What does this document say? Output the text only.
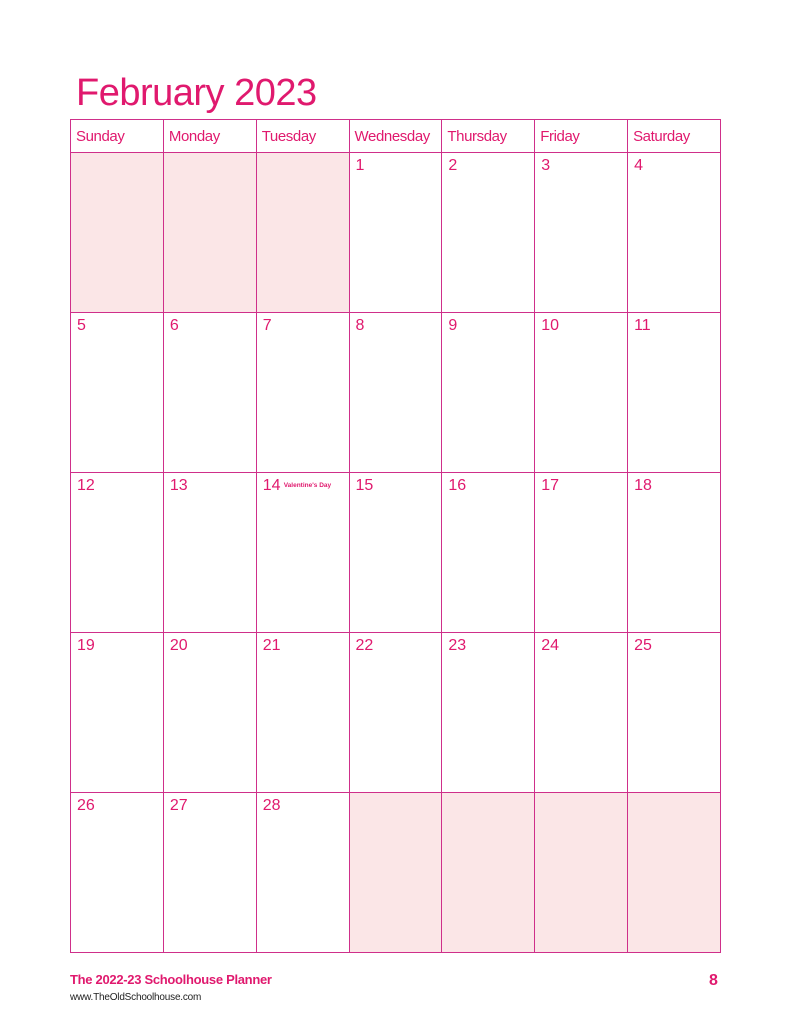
February 2023
Sunday	Monday	Tuesday	Wednesday	Thursday	Friday	Saturday

			1	2	3	4

5	6	7	8	9	10	11

12	13	14 Valentine's Day	15	16	17	18

19	20	21	22	23	24	25

26	27	28				

The 2022-23 Schoolhouse Planner
www.TheOldSchoolhouse.com
8
